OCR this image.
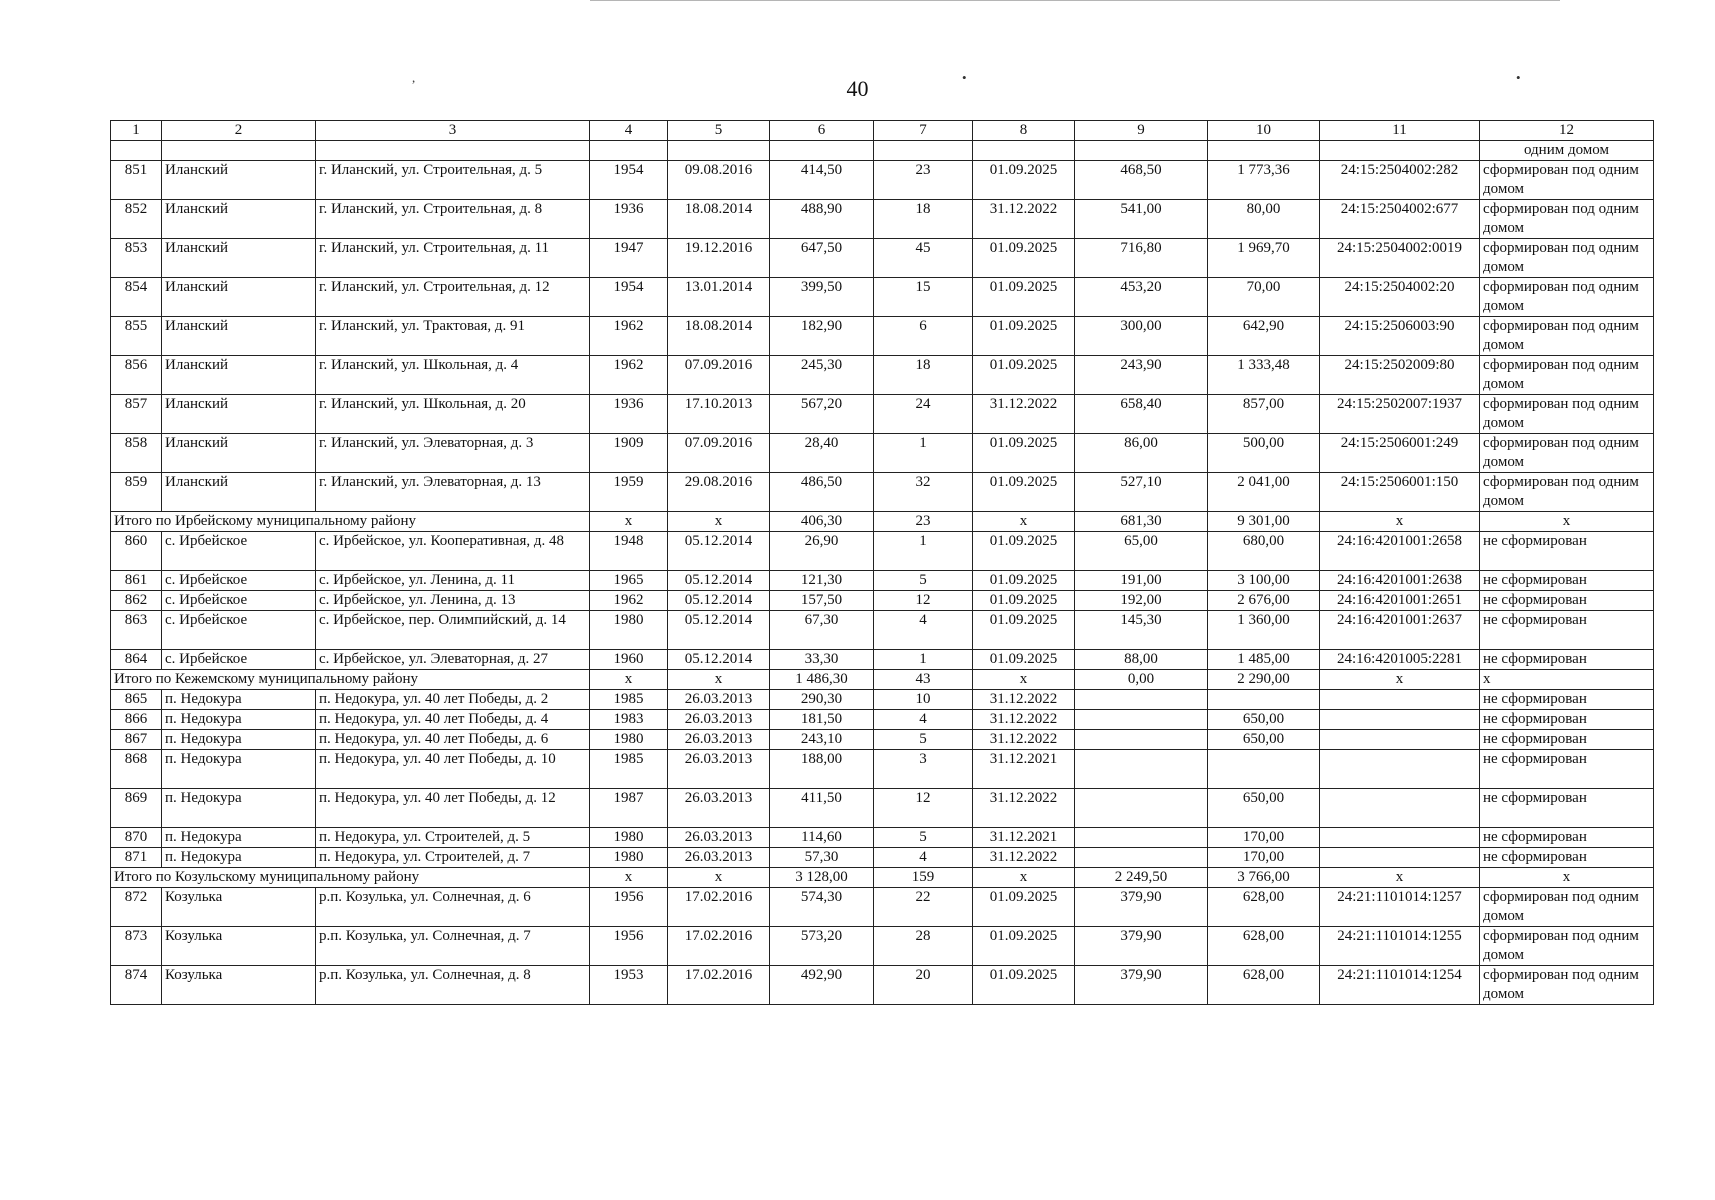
,	•	•
40
1	2	3	4	5	6	7	8	9	10	11	12
											одним домом
851	Иланский	г. Иланский, ул. Строительная, д. 5	1954	09.08.2016	414,50	23	01.09.2025	468,50	1 773,36	24:15:2504002:282	сформирован под одним домом
852	Иланский	г. Иланский, ул. Строительная, д. 8	1936	18.08.2014	488,90	18	31.12.2022	541,00	80,00	24:15:2504002:677	сформирован под одним домом
853	Иланский	г. Иланский, ул. Строительная, д. 11	1947	19.12.2016	647,50	45	01.09.2025	716,80	1 969,70	24:15:2504002:0019	сформирован под одним домом
854	Иланский	г. Иланский, ул. Строительная, д. 12	1954	13.01.2014	399,50	15	01.09.2025	453,20	70,00	24:15:2504002:20	сформирован под одним домом
855	Иланский	г. Иланский, ул. Трактовая, д. 91	1962	18.08.2014	182,90	6	01.09.2025	300,00	642,90	24:15:2506003:90	сформирован под одним домом
856	Иланский	г. Иланский, ул. Школьная, д. 4	1962	07.09.2016	245,30	18	01.09.2025	243,90	1 333,48	24:15:2502009:80	сформирован под одним домом
857	Иланский	г. Иланский, ул. Школьная, д. 20	1936	17.10.2013	567,20	24	31.12.2022	658,40	857,00	24:15:2502007:1937	сформирован под одним домом
858	Иланский	г. Иланский, ул. Элеваторная, д. 3	1909	07.09.2016	28,40	1	01.09.2025	86,00	500,00	24:15:2506001:249	сформирован под одним домом
859	Иланский	г. Иланский, ул. Элеваторная, д. 13	1959	29.08.2016	486,50	32	01.09.2025	527,10	2 041,00	24:15:2506001:150	сформирован под одним домом
Итого по Ирбейскому муниципальному району			х	х	406,30	23	х	681,30	9 301,00	х	х
860	с. Ирбейское	с. Ирбейское, ул. Кооперативная, д. 48	1948	05.12.2014	26,90	1	01.09.2025	65,00	680,00	24:16:4201001:2658	не сформирован
861	с. Ирбейское	с. Ирбейское, ул. Ленина, д. 11	1965	05.12.2014	121,30	5	01.09.2025	191,00	3 100,00	24:16:4201001:2638	не сформирован
862	с. Ирбейское	с. Ирбейское, ул. Ленина, д. 13	1962	05.12.2014	157,50	12	01.09.2025	192,00	2 676,00	24:16:4201001:2651	не сформирован
863	с. Ирбейское	с. Ирбейское, пер. Олимпийский, д. 14	1980	05.12.2014	67,30	4	01.09.2025	145,30	1 360,00	24:16:4201001:2637	не сформирован
864	с. Ирбейское	с. Ирбейское, ул. Элеваторная, д. 27	1960	05.12.2014	33,30	1	01.09.2025	88,00	1 485,00	24:16:4201005:2281	не сформирован
Итого по Кежемскому муниципальному району			х	х	1 486,30	43	х	0,00	2 290,00	х	х
865	п. Недокура	п. Недокура, ул. 40 лет Победы, д. 2	1985	26.03.2013	290,30	10	31.12.2022				не сформирован
866	п. Недокура	п. Недокура, ул. 40 лет Победы, д. 4	1983	26.03.2013	181,50	4	31.12.2022		650,00		не сформирован
867	п. Недокура	п. Недокура, ул. 40 лет Победы, д. 6	1980	26.03.2013	243,10	5	31.12.2022		650,00		не сформирован
868	п. Недокура	п. Недокура, ул. 40 лет Победы, д. 10	1985	26.03.2013	188,00	3	31.12.2021				не сформирован
869	п. Недокура	п. Недокура, ул. 40 лет Победы, д. 12	1987	26.03.2013	411,50	12	31.12.2022		650,00		не сформирован
870	п. Недокура	п. Недокура, ул. Строителей, д. 5	1980	26.03.2013	114,60	5	31.12.2021		170,00		не сформирован
871	п. Недокура	п. Недокура, ул. Строителей, д. 7	1980	26.03.2013	57,30	4	31.12.2022		170,00		не сформирован
Итого по Козульскому муниципальному району			х	х	3 128,00	159	х	2 249,50	3 766,00	х	х
872	Козулька	р.п. Козулька, ул. Солнечная, д. 6	1956	17.02.2016	574,30	22	01.09.2025	379,90	628,00	24:21:1101014:1257	сформирован под одним домом
873	Козулька	р.п. Козулька, ул. Солнечная, д. 7	1956	17.02.2016	573,20	28	01.09.2025	379,90	628,00	24:21:1101014:1255	сформирован под одним домом
874	Козулька	р.п. Козулька, ул. Солнечная, д. 8	1953	17.02.2016	492,90	20	01.09.2025	379,90	628,00	24:21:1101014:1254	сформирован под одним домом
